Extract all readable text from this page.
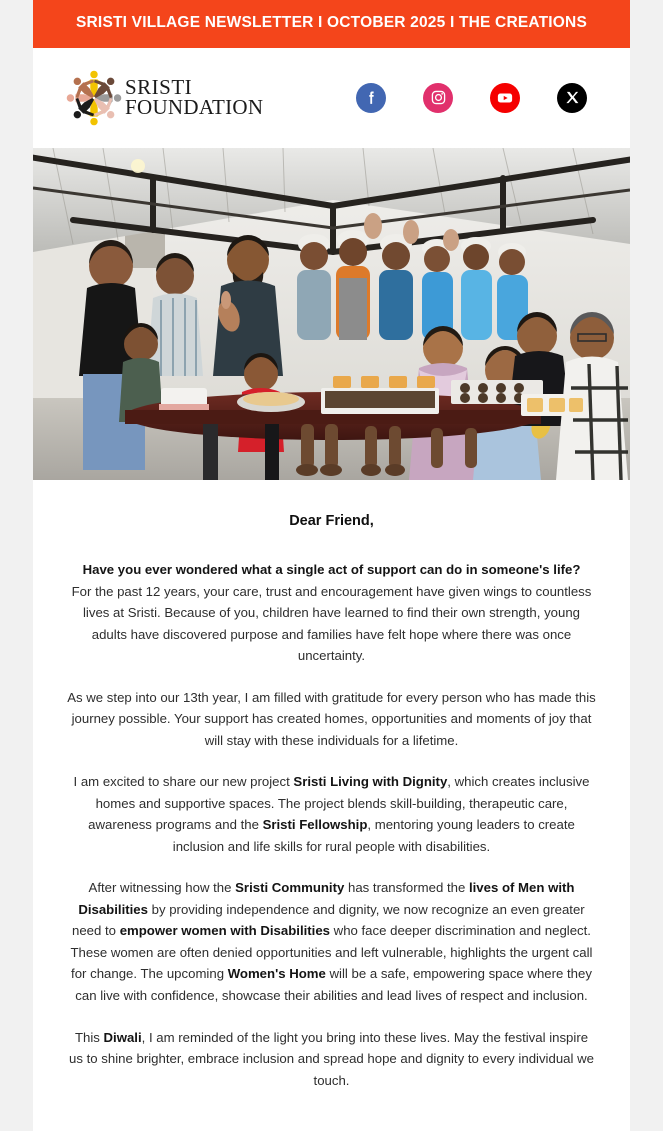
SRISTI VILLAGE NEWSLETTER I OCTOBER 2025 I THE CREATIONS
SRISTI
FOUNDATION
Dear Friend,

Have you ever wondered what a single act of support can do in someone's life?
For the past 12 years, your care, trust and encouragement have given wings to countless lives at Sristi. Because of you, children have learned to find their own strength, young adults have discovered purpose and families have felt hope where there was once uncertainty.

As we step into our 13th year, I am filled with gratitude for every person who has made this journey possible. Your support has created homes, opportunities and moments of joy that will stay with these individuals for a lifetime.

I am excited to share our new project Sristi Living with Dignity, which creates inclusive homes and supportive spaces. The project blends skill-building, therapeutic care, awareness programs and the Sristi Fellowship, mentoring young leaders to create inclusion and life skills for rural people with disabilities.

After witnessing how the Sristi Community has transformed the lives of Men with Disabilities by providing independence and dignity, we now recognize an even greater need to empower women with Disabilities who face deeper discrimination and neglect. These women are often denied opportunities and left vulnerable, highlights the urgent call for change. The upcoming Women's Home will be a safe, empowering space where they can live with confidence, showcase their abilities and lead lives of respect and inclusion.

This Diwali, I am reminded of the light you bring into these lives. May the festival inspire us to shine brighter, embrace inclusion and spread hope and dignity to every individual we touch.
